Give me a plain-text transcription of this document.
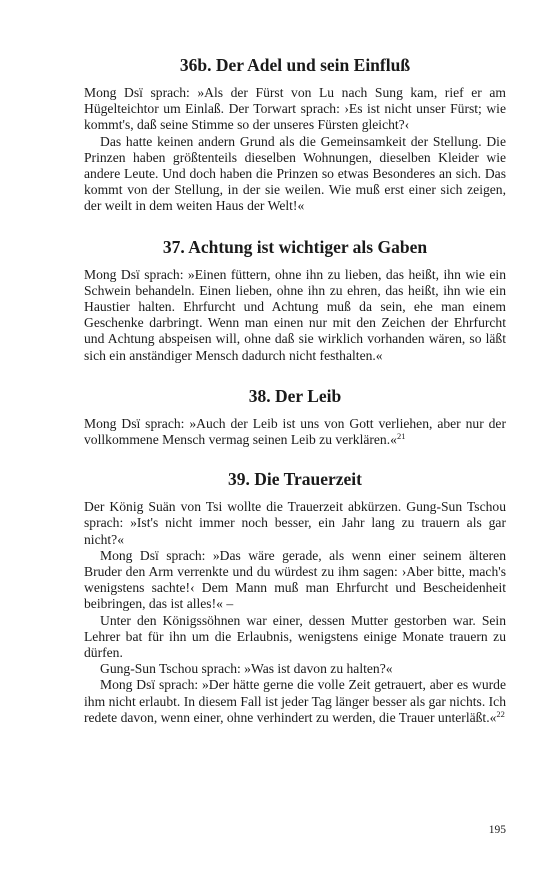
36b. Der Adel und sein Einfluß

Mong Dsï sprach: »Als der Fürst von Lu nach Sung kam, rief er am Hügelteichtor um Einlaß. Der Torwart sprach: ›Es ist nicht unser Fürst; wie kommt's, daß seine Stimme so der unseres Fürsten gleicht?‹

Das hatte keinen andern Grund als die Gemeinsamkeit der Stellung. Die Prinzen haben größtenteils dieselben Wohnungen, dieselben Kleider wie andere Leute. Und doch haben die Prinzen so etwas Besonderes an sich. Das kommt von der Stellung, in der sie weilen. Wie muß erst einer sich zeigen, der weilt in dem weiten Haus der Welt!«

37. Achtung ist wichtiger als Gaben

Mong Dsï sprach: »Einen füttern, ohne ihn zu lieben, das heißt, ihn wie ein Schwein behandeln. Einen lieben, ohne ihn zu ehren, das heißt, ihn wie ein Haustier halten. Ehrfurcht und Achtung muß da sein, ehe man einem Geschenke darbringt. Wenn man einen nur mit den Zeichen der Ehrfurcht und Achtung abspeisen will, ohne daß sie wirklich vorhanden wären, so läßt sich ein anständiger Mensch dadurch nicht festhalten.«

38. Der Leib

Mong Dsï sprach: »Auch der Leib ist uns von Gott verliehen, aber nur der vollkommene Mensch vermag seinen Leib zu verklären.«$^{21}$

39. Die Trauerzeit

Der König Suän von Tsi wollte die Trauerzeit abkürzen. Gung-Sun Tschou sprach: »Ist's nicht immer noch besser, ein Jahr lang zu trauern als gar nicht?«

Mong Dsï sprach: »Das wäre gerade, als wenn einer seinem älteren Bruder den Arm verrenkte und du würdest zu ihm sagen: ›Aber bitte, mach's wenigstens sachte!‹ Dem Mann muß man Ehrfurcht und Bescheidenheit beibringen, das ist alles!« –

Unter den Königssöhnen war einer, dessen Mutter gestorben war. Sein Lehrer bat für ihn um die Erlaubnis, wenigstens einige Monate trauern zu dürfen.

Gung-Sun Tschou sprach: »Was ist davon zu halten?«

Mong Dsï sprach: »Der hätte gerne die volle Zeit getrauert, aber es wurde ihm nicht erlaubt. In diesem Fall ist jeder Tag länger besser als gar nichts. Ich redete davon, wenn einer, ohne verhindert zu werden, die Trauer unterläßt.«$^{22}$

195
